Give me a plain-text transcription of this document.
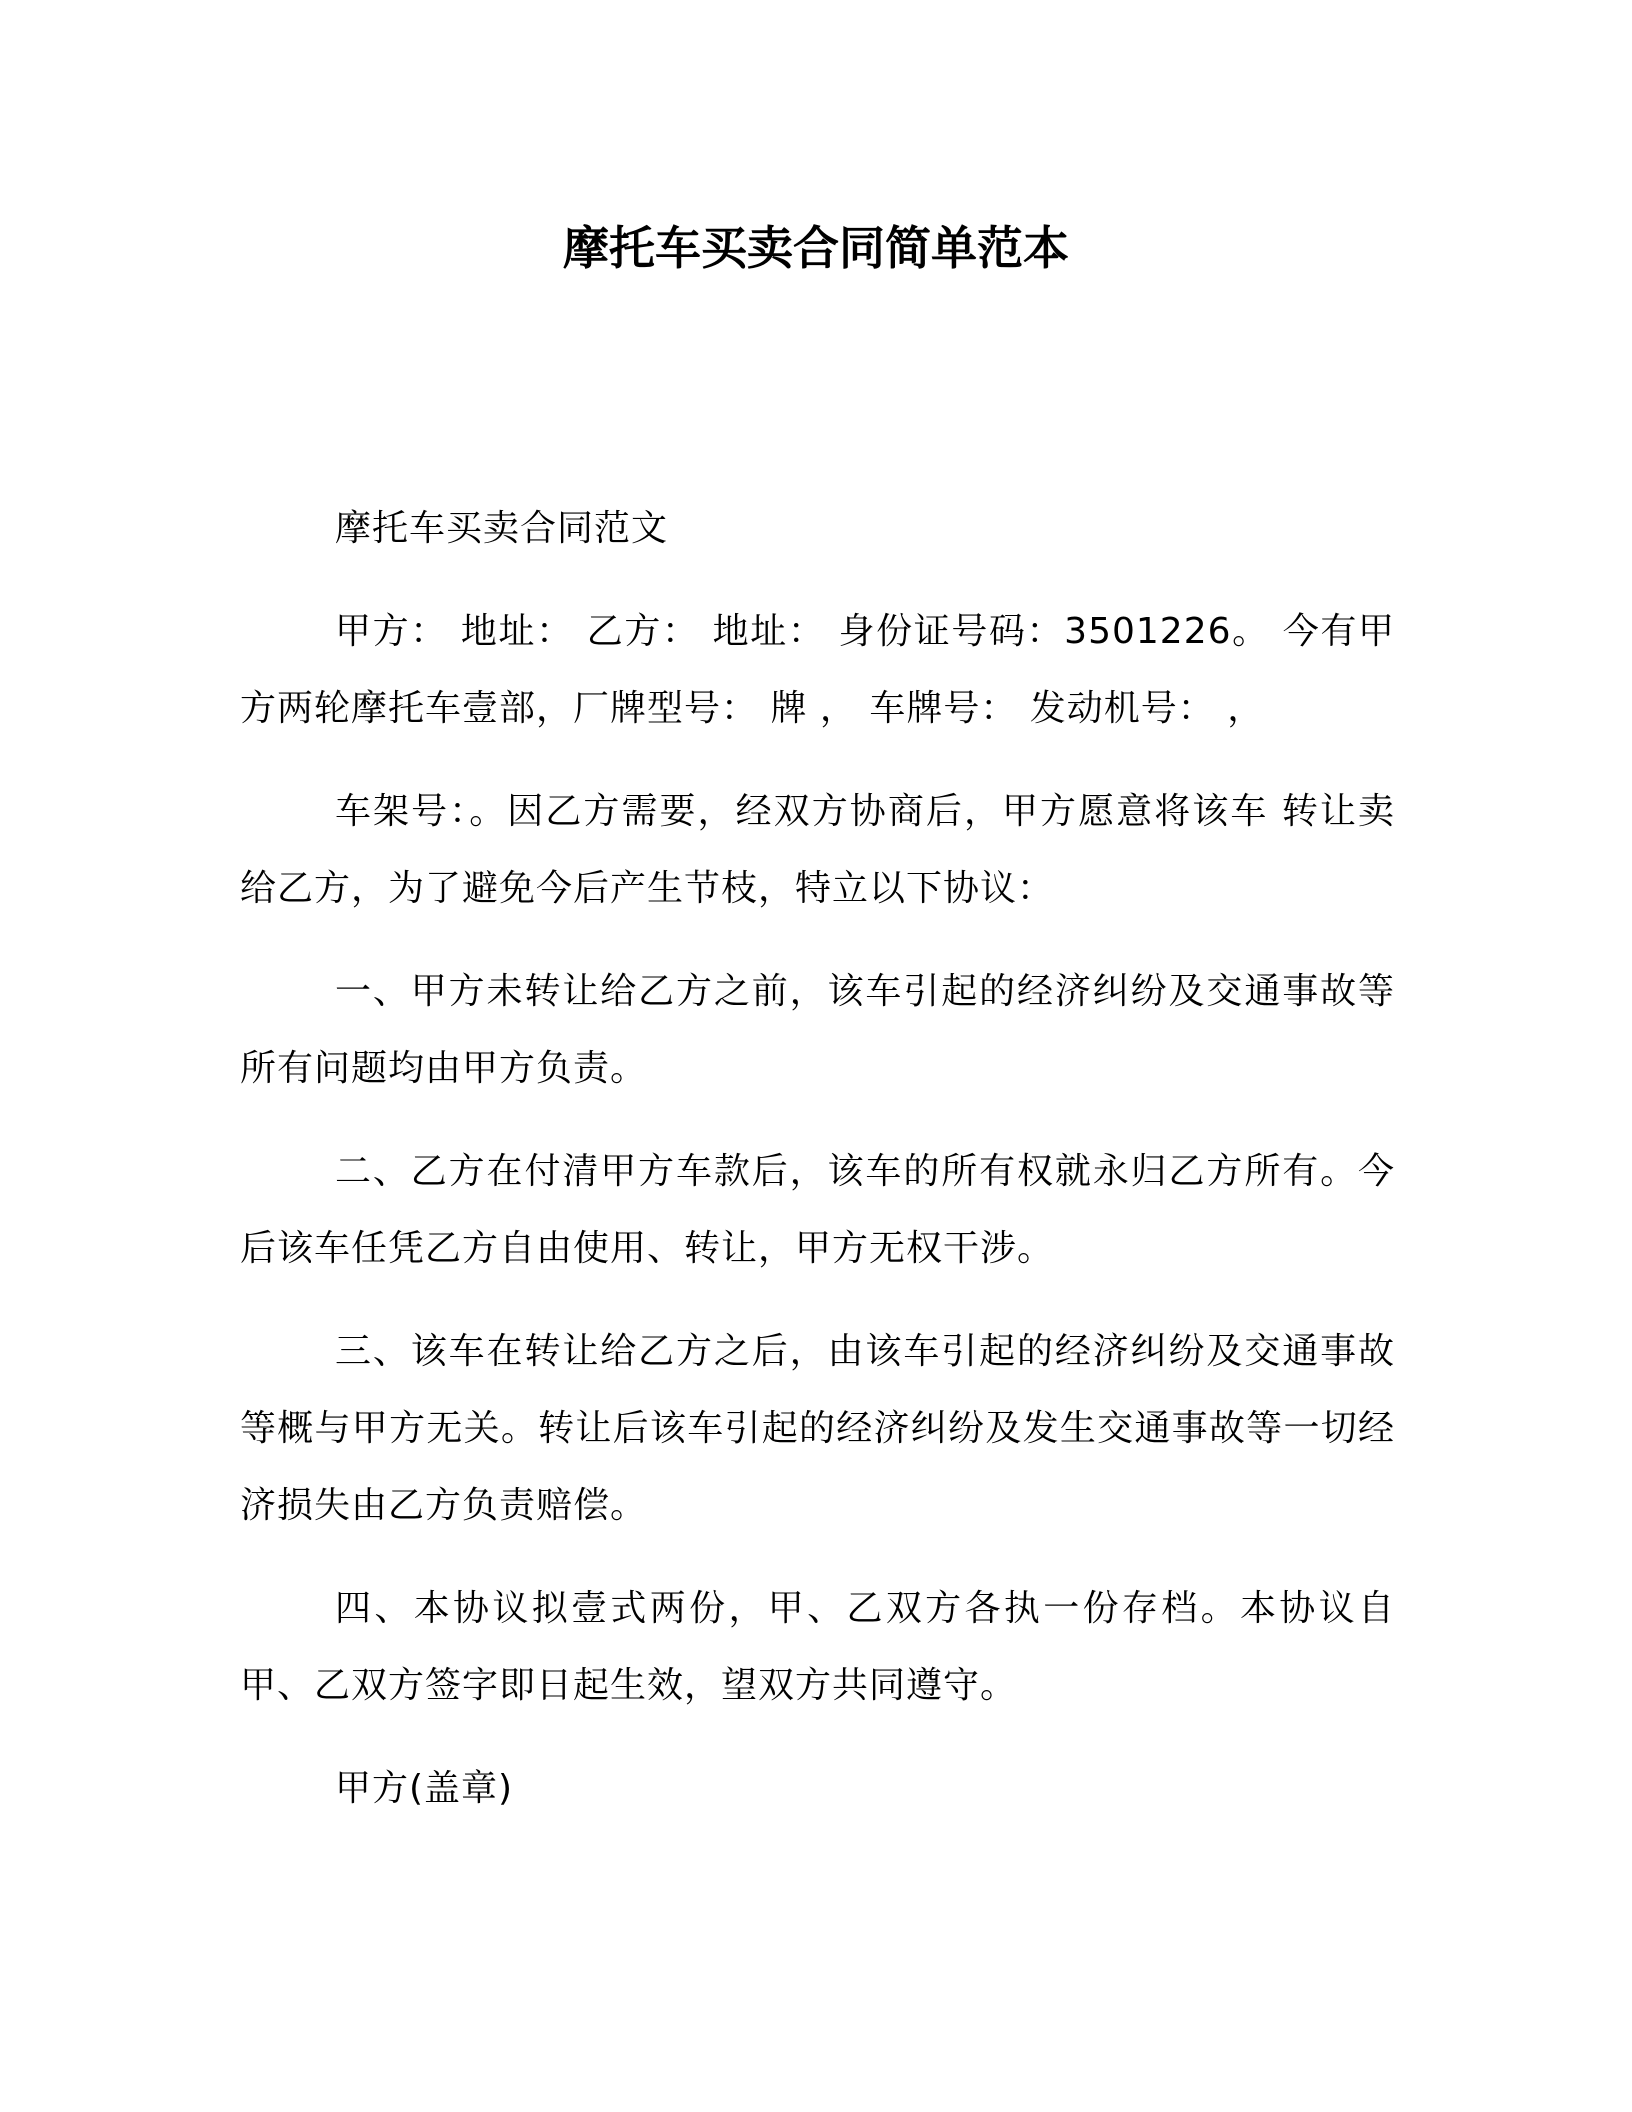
摩托车买卖合同简单范本

摩托车买卖合同范文

甲方： 地址： 乙方： 地址： 身份证号码：3501226。 今有甲方两轮摩托车壹部，厂牌型号： 牌 ， 车牌号： 发动机号： ，

车架号：。因乙方需要，经双方协商后，甲方愿意将该车 转让卖给乙方，为了避免今后产生节枝，特立以下协议：

一、甲方未转让给乙方之前，该车引起的经济纠纷及交通事故等所有问题均由甲方负责。

二、乙方在付清甲方车款后，该车的所有权就永归乙方所有。今后该车任凭乙方自由使用、转让，甲方无权干涉。

三、该车在转让给乙方之后，由该车引起的经济纠纷及交通事故等概与甲方无关。转让后该车引起的经济纠纷及发生交通事故等一切经济损失由乙方负责赔偿。

四、本协议拟壹式两份，甲、乙双方各执一份存档。本协议自甲、乙双方签字即日起生效，望双方共同遵守。

甲方(盖章)
